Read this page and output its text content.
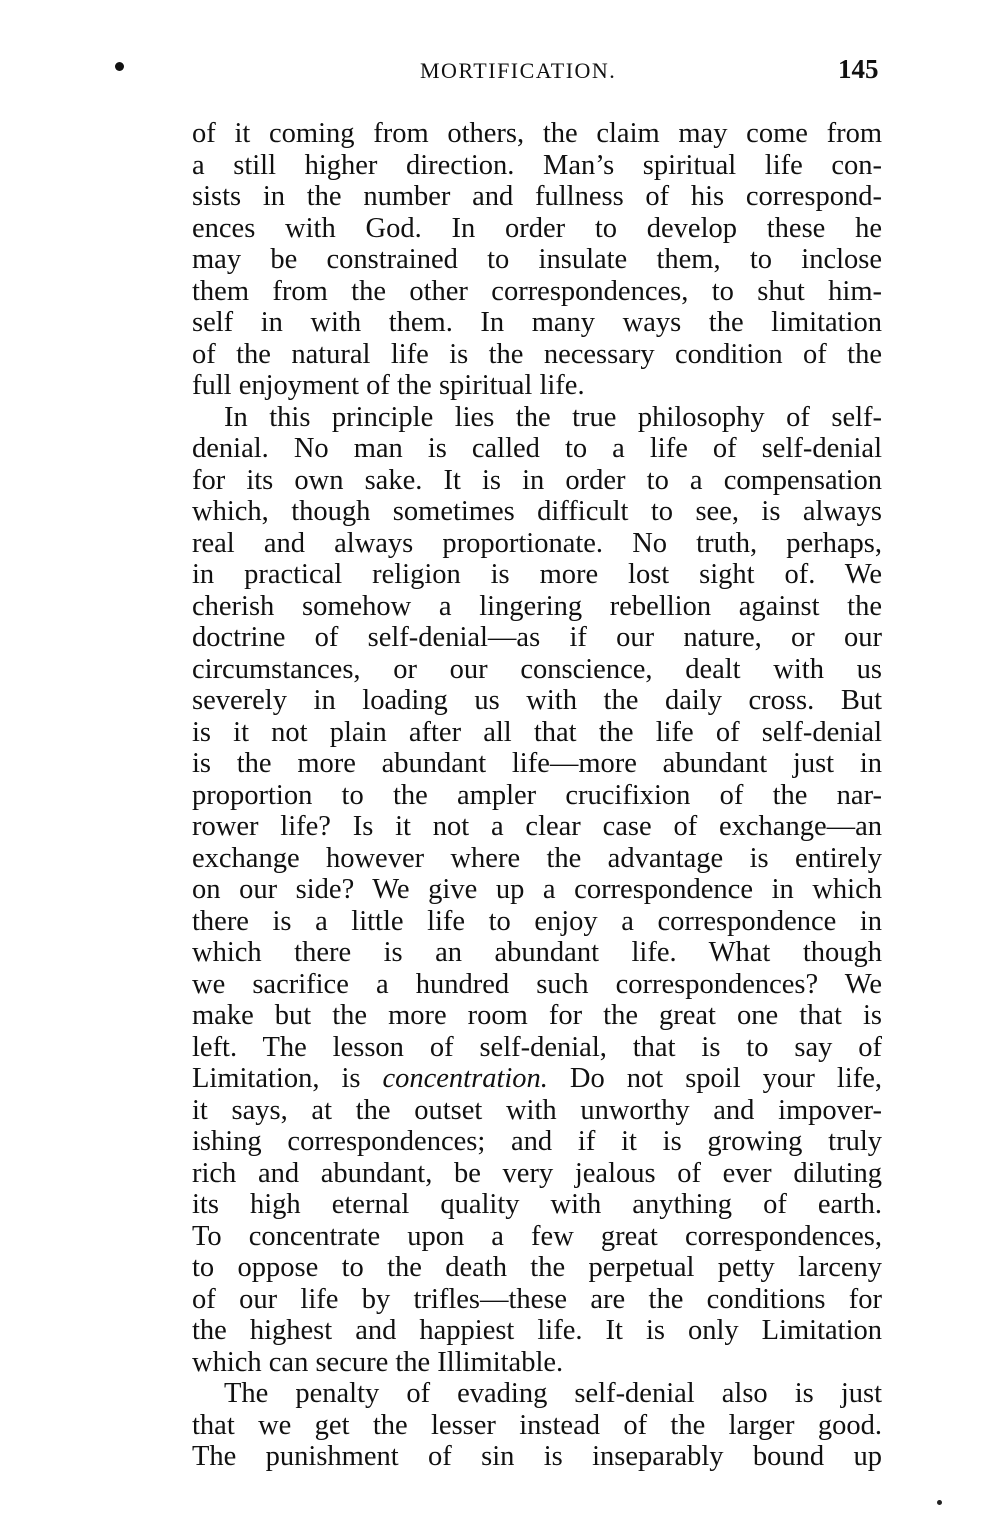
MORTIFICATION.	145
of it coming from others, the claim may come from
a still higher direction. Man’s spiritual life con-
sists in the number and fullness of his correspond-
ences with God. In order to develop these he
may be constrained to insulate them, to inclose
them from the other correspondences, to shut him-
self in with them. In many ways the limitation
of the natural life is the necessary condition of the
full enjoyment of the spiritual life.
In this principle lies the true philosophy of self-
denial. No man is called to a life of self-denial
for its own sake. It is in order to a compensation
which, though sometimes difficult to see, is always
real and always proportionate. No truth, perhaps,
in practical religion is more lost sight of. We
cherish somehow a lingering rebellion against the
doctrine of self-denial—as if our nature, or our
circumstances, or our conscience, dealt with us
severely in loading us with the daily cross. But
is it not plain after all that the life of self-denial
is the more abundant life—more abundant just in
proportion to the ampler crucifixion of the nar-
rower life? Is it not a clear case of exchange—an
exchange however where the advantage is entirely
on our side? We give up a correspondence in which
there is a little life to enjoy a correspondence in
which there is an abundant life. What though
we sacrifice a hundred such correspondences? We
make but the more room for the great one that is
left. The lesson of self-denial, that is to say of
Limitation, is concentration. Do not spoil your life,
it says, at the outset with unworthy and impover-
ishing correspondences; and if it is growing truly
rich and abundant, be very jealous of ever diluting
its high eternal quality with anything of earth.
To concentrate upon a few great correspondences,
to oppose to the death the perpetual petty larceny
of our life by trifles—these are the conditions for
the highest and happiest life. It is only Limitation
which can secure the Illimitable.
The penalty of evading self-denial also is just
that we get the lesser instead of the larger good.
The punishment of sin is inseparably bound up
